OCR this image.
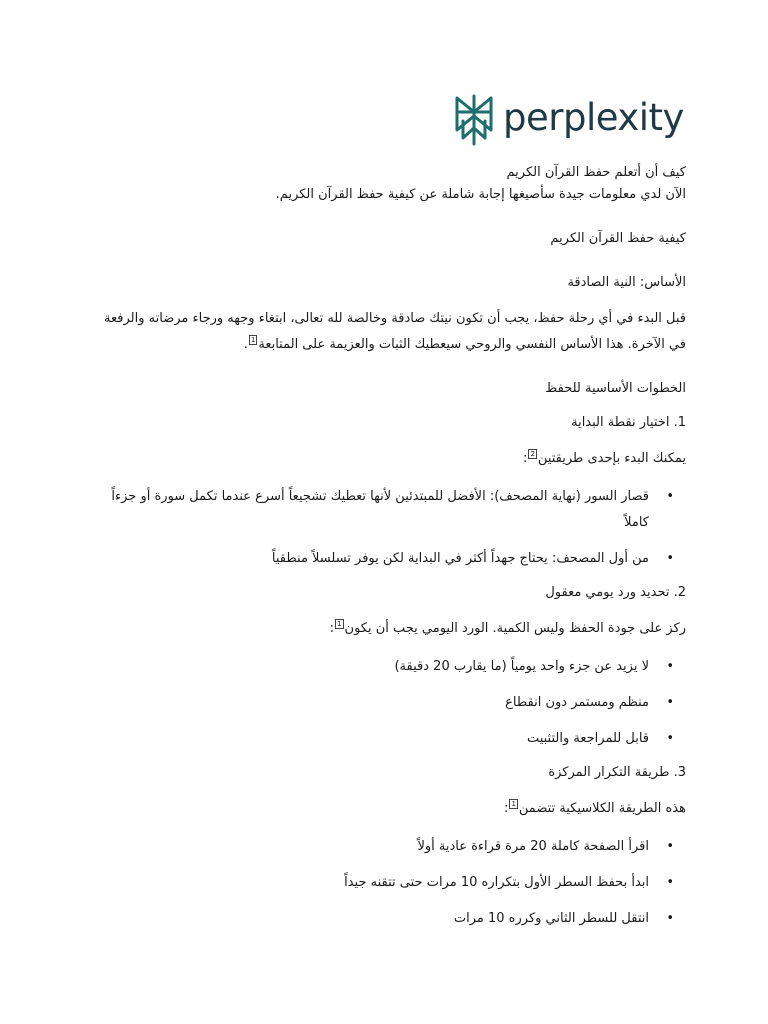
perplexity

كيف أن أتعلم حفظ القرآن الكريم

الآن لدي معلومات جيدة سأصيغها إجابة شاملة عن كيفية حفظ القرآن الكريم.

كيفية حفظ القرآن الكريم

الأساس: النية الصادقة

قبل البدء في أي رحلة حفظ، يجب أن تكون نيتك صادقة وخالصة لله تعالى، ابتغاء وجهه ورجاء مرضاته والرفعة في الآخرة. هذا الأساس النفسي والروحي سيعطيك الثبات والعزيمة على المتابعة$^1$.

الخطوات الأساسية للحفظ

1. اختيار نقطة البداية

يمكنك البدء بإحدى طريقتين$^2$:

• قصار السور (نهاية المصحف): الأفضل للمبتدئين لأنها تعطيك تشجيعاً أسرع عندما تكمل سورة أو جزءاً كاملاً
• من أول المصحف: يحتاج جهداً أكثر في البداية لكن يوفر تسلسلاً منطقياً

2. تحديد ورد يومي معقول

ركز على جودة الحفظ وليس الكمية. الورد اليومي يجب أن يكون$^1$:

• لا يزيد عن جزء واحد يومياً (ما يقارب 20 دقيقة)
• منظم ومستمر دون انقطاع
• قابل للمراجعة والتثبيت

3. طريقة التكرار المركزة

هذه الطريقة الكلاسيكية تتضمن$^1$:

• اقرأ الصفحة كاملة 20 مرة قراءة عادية أولاً
• ابدأ بحفظ السطر الأول بتكراره 10 مرات حتى تتقنه جيداً
• انتقل للسطر الثاني وكرره 10 مرات
